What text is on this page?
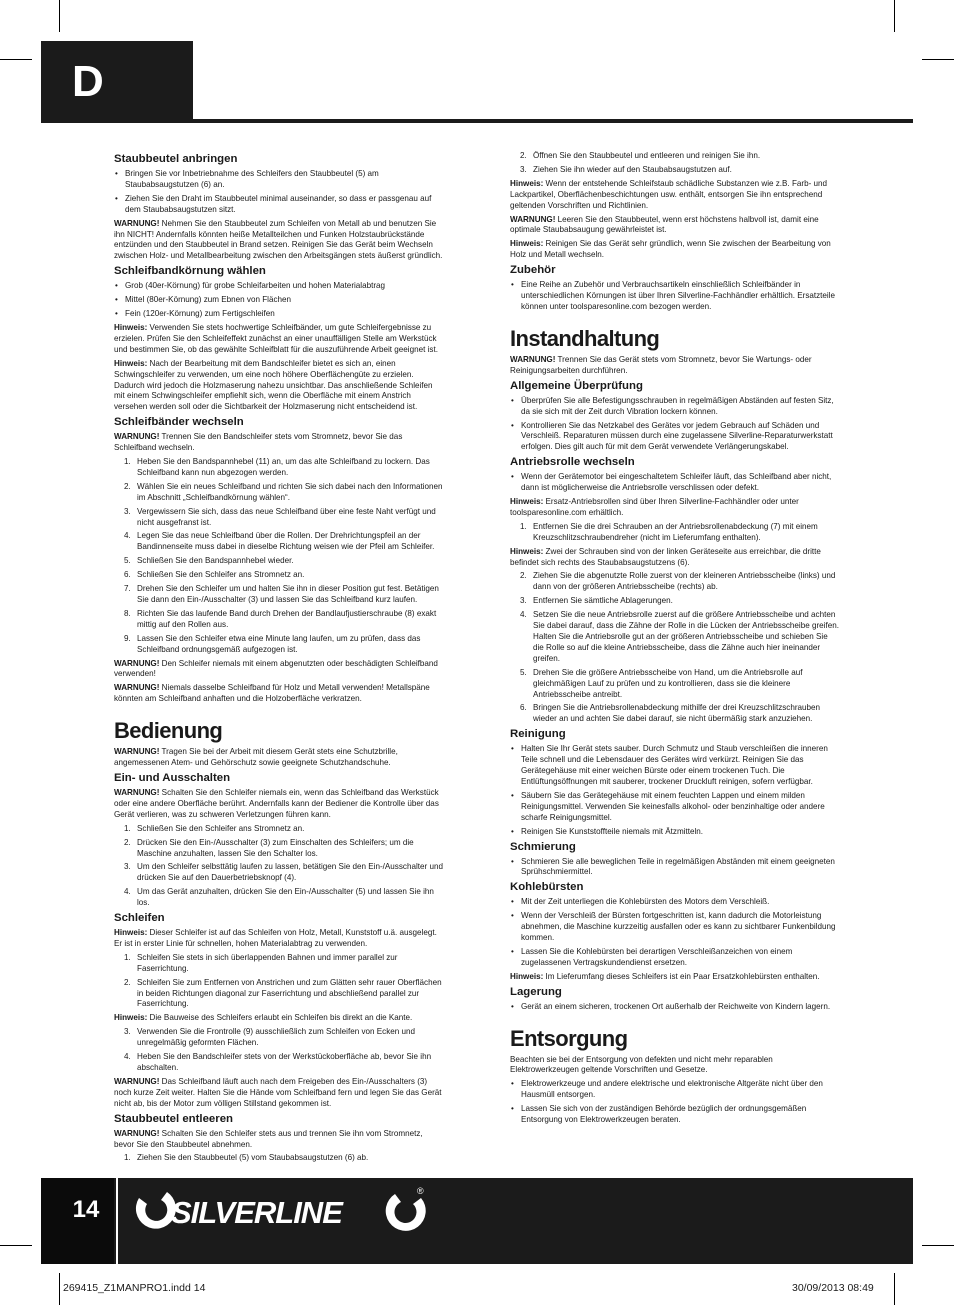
D
Staubbeutel anbringen
• Bringen Sie vor Inbetriebnahme des Schleifers den Staubbeutel (5) am Staubabsaugstutzen (6) an.
• Ziehen Sie den Draht im Staubbeutel minimal auseinander, so dass er passgenau auf dem Staubabsaugstutzen sitzt.

WARNUNG! Nehmen Sie den Staubbeutel zum Schleifen von Metall ab und benutzen Sie ihn NICHT! Andernfalls könnten heiße Metallteilchen und Funken Holzstaubrückstände entzünden und den Staubbeutel in Brand setzen. Reinigen Sie das Gerät beim Wechseln zwischen Holz- und Metallbearbeitung zwischen den Arbeitsgängen stets äußerst gründlich.

Schleifbandkörnung wählen
• Grob (40er-Körnung) für grobe Schleifarbeiten und hohen Materialabtrag
• Mittel (80er-Körnung) zum Ebnen von Flächen
• Fein (120er-Körnung) zum Fertigschleifen

Hinweis: Verwenden Sie stets hochwertige Schleifbänder, um gute Schleifergebnisse zu erzielen. Prüfen Sie den Schleifeffekt zunächst an einer unauffälligen Stelle am Werkstück und bestimmen Sie, ob das gewählte Schleifblatt für die auszuführende Arbeit geeignet ist.

Hinweis: Nach der Bearbeitung mit dem Bandschleifer bietet es sich an, einen Schwingschleifer zu verwenden, um eine noch höhere Oberflächengüte zu erzielen. Dadurch wird jedoch die Holzmaserung nahezu unsichtbar. Das anschließende Schleifen mit einem Schwingschleifer empfiehlt sich, wenn die Oberfläche mit einem Anstrich versehen werden soll oder die Sichtbarkeit der Holzmaserung nicht entscheidend ist.

Schleifbänder wechseln

WARNUNG! Trennen Sie den Bandschleifer stets vom Stromnetz, bevor Sie das Schleifband wechseln.

1. Heben Sie den Bandspannhebel (11) an, um das alte Schleifband zu lockern. Das Schleifband kann nun abgezogen werden.
2. Wählen Sie ein neues Schleifband und richten Sie sich dabei nach den Informationen im Abschnitt „Schleifbandkörnung wählen“.
3. Vergewissern Sie sich, dass das neue Schleifband über eine feste Naht verfügt und nicht ausgefranst ist.
4. Legen Sie das neue Schleifband über die Rollen. Der Drehrichtungspfeil an der Bandinnenseite muss dabei in dieselbe Richtung weisen wie der Pfeil am Schleifer.
5. Schließen Sie den Bandspannhebel wieder.
6. Schließen Sie den Schleifer ans Stromnetz an.
7. Drehen Sie den Schleifer um und halten Sie ihn in dieser Position gut fest. Betätigen Sie dann den Ein-/Ausschalter (3) und lassen Sie das Schleifband kurz laufen.
8. Richten Sie das laufende Band durch Drehen der Bandlaufjustierschraube (8) exakt mittig auf den Rollen aus.
9. Lassen Sie den Schleifer etwa eine Minute lang laufen, um zu prüfen, dass das Schleifband ordnungsgemäß aufgezogen ist.

WARNUNG! Den Schleifer niemals mit einem abgenutzten oder beschädigten Schleifband verwenden!

WARNUNG! Niemals dasselbe Schleifband für Holz und Metall verwenden! Metallspäne könnten am Schleifband anhaften und die Holzoberfläche verkratzen.

Bedienung

WARNUNG! Tragen Sie bei der Arbeit mit diesem Gerät stets eine Schutzbrille, angemessenen Atem- und Gehörschutz sowie geeignete Schutzhandschuhe.

Ein- und Ausschalten

WARNUNG! Schalten Sie den Schleifer niemals ein, wenn das Schleifband das Werkstück oder eine andere Oberfläche berührt. Andernfalls kann der Bediener die Kontrolle über das Gerät verlieren, was zu schweren Verletzungen führen kann.

1. Schließen Sie den Schleifer ans Stromnetz an.
2. Drücken Sie den Ein-/Ausschalter (3) zum Einschalten des Schleifers; um die Maschine anzuhalten, lassen Sie den Schalter los.
3. Um den Schleifer selbsttätig laufen zu lassen, betätigen Sie den Ein-/Ausschalter und drücken Sie auf den Dauerbetriebsknopf (4).
4. Um das Gerät anzuhalten, drücken Sie den Ein-/Ausschalter (5) und lassen Sie ihn los.
Schleifen

Hinweis: Dieser Schleifer ist auf das Schleifen von Holz, Metall, Kunststoff u.ä. ausgelegt. Er ist in erster Linie für schnellen, hohen Materialabtrag zu verwenden.

1. Schleifen Sie stets in sich überlappenden Bahnen und immer parallel zur Faserrichtung.
2. Schleifen Sie zum Entfernen von Anstrichen und zum Glätten sehr rauer Oberflächen in beiden Richtungen diagonal zur Faserrichtung und abschließend parallel zur Faserrichtung.

Hinweis: Die Bauweise des Schleifers erlaubt ein Schleifen bis direkt an die Kante.

3. Verwenden Sie die Frontrolle (9) ausschließlich zum Schleifen von Ecken und unregelmäßig geformten Flächen.
4. Heben Sie den Bandschleifer stets von der Werkstückoberfläche ab, bevor Sie ihn abschalten.

WARNUNG! Das Schleifband läuft auch nach dem Freigeben des Ein-/Ausschalters (3) noch kurze Zeit weiter. Halten Sie die Hände vom Schleifband fern und legen Sie das Gerät nicht ab, bis der Motor zum völligen Stillstand gekommen ist.

Staubbeutel entleeren

WARNUNG! Schalten Sie den Schleifer stets aus und trennen Sie ihn vom Stromnetz, bevor Sie den Staubbeutel abnehmen.

1. Ziehen Sie den Staubbeutel (5) vom Staubabsaugstutzen (6) ab.
2. Öffnen Sie den Staubbeutel und entleeren und reinigen Sie ihn.
3. Ziehen Sie ihn wieder auf den Staubabsaugstutzen auf.

Hinweis: Wenn der entstehende Schleifstaub schädliche Substanzen wie z.B. Farb- und Lackpartikel, Oberflächenbeschichtungen usw. enthält, entsorgen Sie ihn entsprechend geltenden Vorschriften und Richtlinien.

WARNUNG! Leeren Sie den Staubbeutel, wenn erst höchstens halbvoll ist, damit eine optimale Staubabsaugung gewährleistet ist.

Hinweis: Reinigen Sie das Gerät sehr gründlich, wenn Sie zwischen der Bearbeitung von Holz und Metall wechseln.

Zubehör
• Eine Reihe an Zubehör und Verbrauchsartikeln einschließlich Schleifbänder in unterschiedlichen Körnungen ist über Ihren Silverline-Fachhändler erhältlich. Ersatzteile können unter toolsparesonline.com bezogen werden.
Instandhaltung

WARNUNG! Trennen Sie das Gerät stets vom Stromnetz, bevor Sie Wartungs- oder Reinigungsarbeiten durchführen.

Allgemeine Überprüfung
• Überprüfen Sie alle Befestigungsschrauben in regelmäßigen Abständen auf festen Sitz, da sie sich mit der Zeit durch Vibration lockern können.
• Kontrollieren Sie das Netzkabel des Gerätes vor jedem Gebrauch auf Schäden und Verschleiß. Reparaturen müssen durch eine zugelassene Silverline-Reparaturwerkstatt erfolgen. Dies gilt auch für mit dem Gerät verwendete Verlängerungskabel.
Antriebsrolle wechseln
• Wenn der Gerätemotor bei eingeschaltetem Schleifer läuft, das Schleifband aber nicht, dann ist möglicherweise die Antriebsrolle verschlissen oder defekt.

Hinweis: Ersatz-Antriebsrollen sind über Ihren Silverline-Fachhändler oder unter toolsparesonline.com erhältlich.

1. Entfernen Sie die drei Schrauben an der Antriebsrollenabdeckung (7) mit einem Kreuzschlitzschraubendreher (nicht im Lieferumfang enthalten).

Hinweis: Zwei der Schrauben sind von der linken Geräteseite aus erreichbar, die dritte befindet sich rechts des Staubabsaugstutzens (6).

2. Ziehen Sie die abgenutzte Rolle zuerst von der kleineren Antriebsscheibe (links) und dann von der größeren Antriebsscheibe (rechts) ab.
3. Entfernen Sie sämtliche Ablagerungen.
4. Setzen Sie die neue Antriebsrolle zuerst auf die größere Antriebsscheibe und achten Sie dabei darauf, dass die Zähne der Rolle in die Lücken der Antriebsscheibe greifen. Halten Sie die Antriebsrolle gut an der größeren Antriebsscheibe und schieben Sie die Rolle so auf die kleine Antriebsscheibe, dass die Zähne auch hier ineinander greifen.
5. Drehen Sie die größere Antriebsscheibe von Hand, um die Antriebsrolle auf gleichmäßigen Lauf zu prüfen und zu kontrollieren, dass sie die kleinere Antriebsscheibe antreibt.
6. Bringen Sie die Antriebsrollenabdeckung mithilfe der drei Kreuzschlitzschrauben wieder an und achten Sie dabei darauf, sie nicht übermäßig stark anzuziehen.
Reinigung
• Halten Sie Ihr Gerät stets sauber. Durch Schmutz und Staub verschleißen die inneren Teile schnell und die Lebensdauer des Gerätes wird verkürzt. Reinigen Sie das Gerätegehäuse mit einer weichen Bürste oder einem trockenen Tuch. Die Entlüftungsöffnungen mit sauberer, trockener Druckluft reinigen, sofern verfügbar.
• Säubern Sie das Gerätegehäuse mit einem feuchten Lappen und einem milden Reinigungsmittel. Verwenden Sie keinesfalls alkohol- oder benzinhaltige oder andere scharfe Reinigungsmittel.
• Reinigen Sie Kunststoffteile niemals mit Ätzmitteln.
Schmierung
• Schmieren Sie alle beweglichen Teile in regelmäßigen Abständen mit einem geeigneten Sprühschmiermittel.
Kohlebürsten
• Mit der Zeit unterliegen die Kohlebürsten des Motors dem Verschleiß.
• Wenn der Verschleiß der Bürsten fortgeschritten ist, kann dadurch die Motorleistung abnehmen, die Maschine kurzzeitig ausfallen oder es kann zu sichtbarer Funkenbildung kommen.
• Lassen Sie die Kohlebürsten bei derartigen Verschleißanzeichen von einem zugelassenen Vertragskundendienst ersetzen.

Hinweis: Im Lieferumfang dieses Schleifers ist ein Paar Ersatzkohlebürsten enthalten.

Lagerung
• Gerät an einem sicheren, trockenen Ort außerhalb der Reichweite von Kindern lagern.
Entsorgung

Beachten sie bei der Entsorgung von defekten und nicht mehr reparablen Elektrowerkzeugen geltende Vorschriften und Gesetze.

• Elektrowerkzeuge und andere elektrische und elektronische Altgeräte nicht über den Hausmüll entsorgen.
• Lassen Sie sich von der zuständigen Behörde bezüglich der ordnungsgemäßen Entsorgung von Elektrowerkzeugen beraten.
14	SILVERLINE
®
269415_Z1MANPRO1.indd 14	30/09/2013 08:49
